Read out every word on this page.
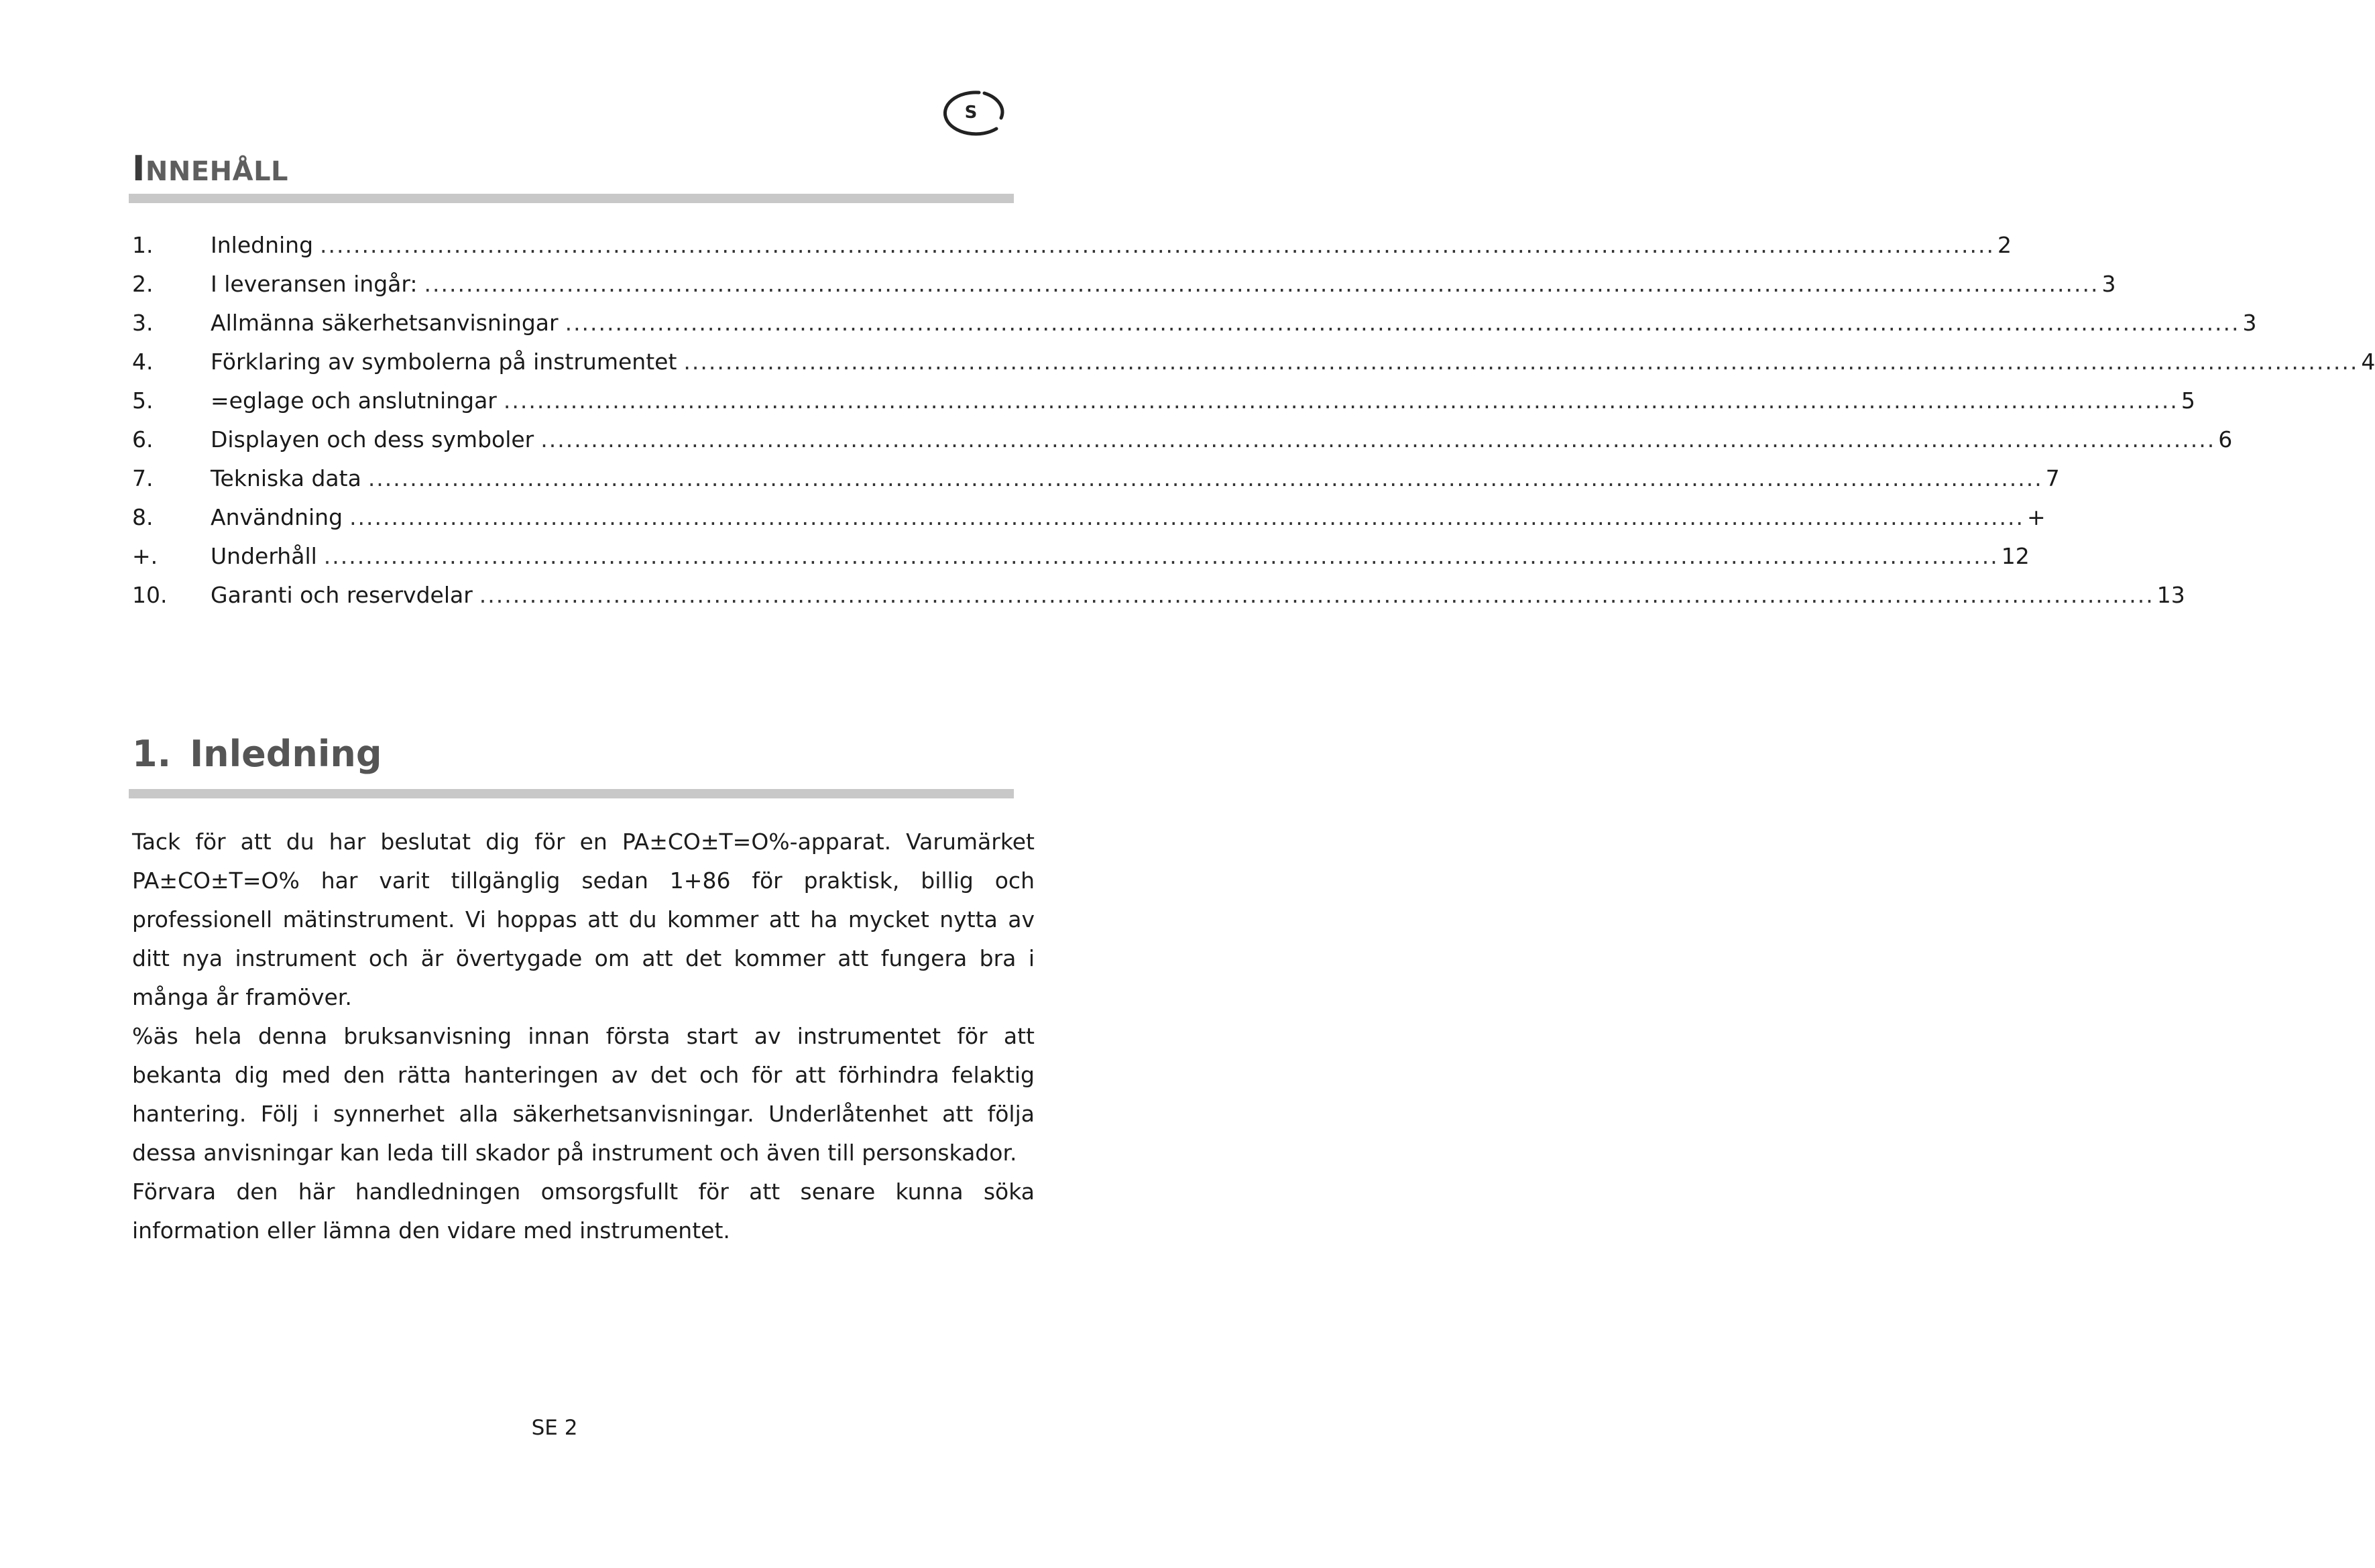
S
INNEHÅLL
1.	Inledning ........................................................................................................................................................................................................ 2
2.	I leveransen ingår: ........................................................................................................................................................................................................ 3
3.	Allmänna säkerhetsanvisningar ........................................................................................................................................................................................................ 3
4.	Förklaring av symbolerna på instrumentet ........................................................................................................................................................................................................ 4
5.	=eglage och anslutningar ........................................................................................................................................................................................................ 5
6.	Displayen och dess symboler ........................................................................................................................................................................................................ 6
7.	Tekniska data ........................................................................................................................................................................................................ 7
8.	Användning ........................................................................................................................................................................................................ +
+.	Underhåll ........................................................................................................................................................................................................ 12
10.	Garanti och reservdelar ........................................................................................................................................................................................................ 13
1. Inledning

Tack för att du har beslutat dig för en PA±CO±T=O%-apparat. Varumärket PA±CO±T=O% har varit tillgänglig sedan 1+86 för praktisk, billig och professionell mätinstrument. Vi hoppas att du kommer att ha mycket nytta av ditt nya instrument och är övertygade om att det kommer att fungera bra i många år framöver.

%äs hela denna bruksanvisning innan första start av instrumentet för att bekanta dig med den rätta hanteringen av det och för att förhindra felaktig hantering. Följ i synnerhet alla säkerhetsanvisningar. Underlåtenhet att följa dessa anvisningar kan leda till skador på instrument och även till personskador.

Förvara den här handledningen omsorgsfullt för att senare kunna söka information eller lämna den vidare med instrumentet.

SE 2
